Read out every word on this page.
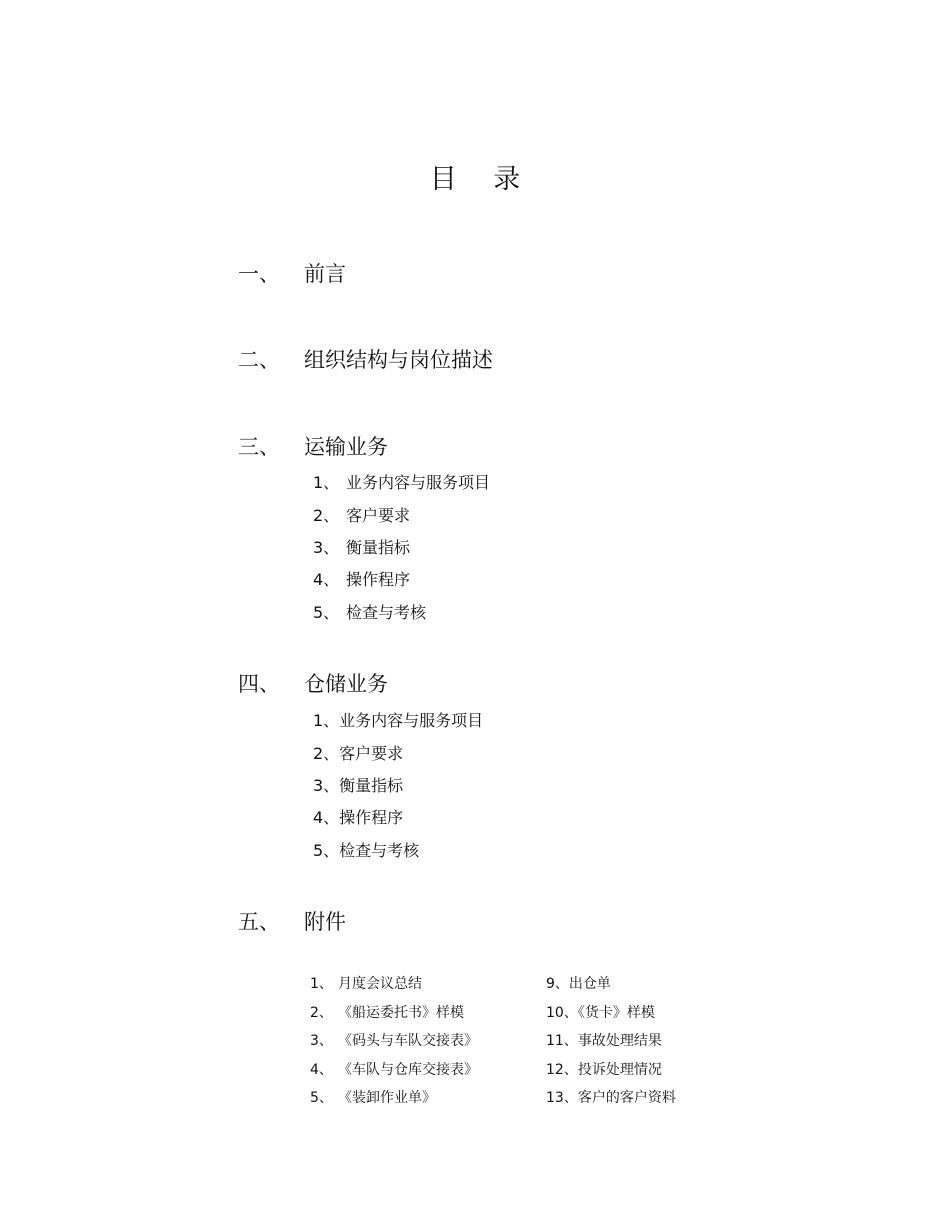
目 录
一、 前言
二、 组织结构与岗位描述
三、 运输业务
1、 业务内容与服务项目
2、 客户要求
3、 衡量指标
4、 操作程序
5、 检查与考核
四、 仓储业务
1、业务内容与服务项目
2、客户要求
3、衡量指标
4、操作程序
5、检查与考核
五、 附件
1、 月度会议总结
2、 《船运委托书》样模
3、 《码头与车队交接表》
4、 《车队与仓库交接表》
5、 《装卸作业单》
9、出仓单
10、《货卡》样模
11、事故处理结果
12、投诉处理情况
13、客户的客户资料
